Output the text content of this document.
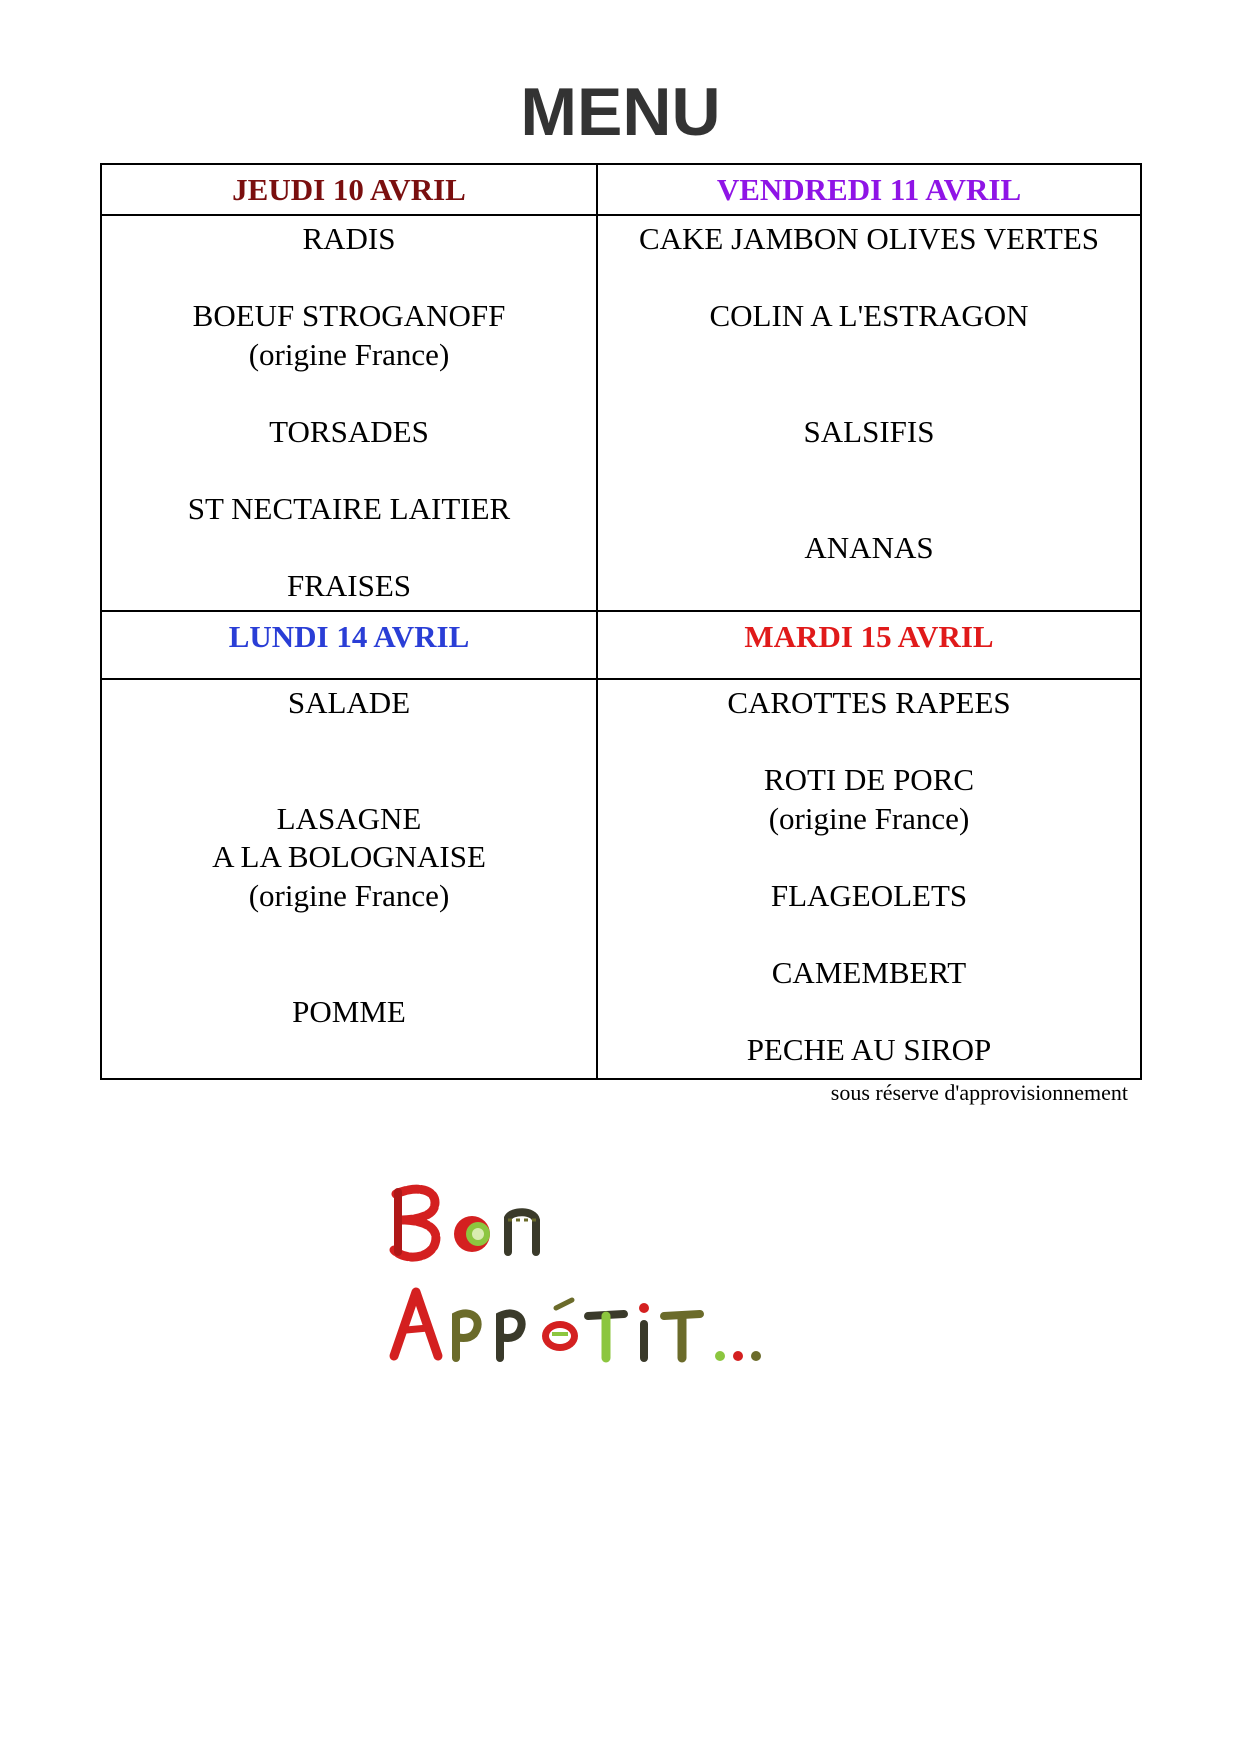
MENU
JEUDI 10 AVRIL	VENDREDI 11 AVRIL
RADIS
BOEUF STROGANOFF
(origine France)
TORSADES
ST NECTAIRE LAITIER
FRAISES
CAKE JAMBON OLIVES VERTES
COLIN A L'ESTRAGON
SALSIFIS
ANANAS
LUNDI 14 AVRIL	MARDI 15 AVRIL
SALADE
LASAGNE
A LA BOLOGNAISE
(origine France)
POMME
CAROTTES RAPEES
ROTI DE PORC
(origine France)
FLAGEOLETS
CAMEMBERT
PECHE AU SIROP
sous réserve d'approvisionnement
